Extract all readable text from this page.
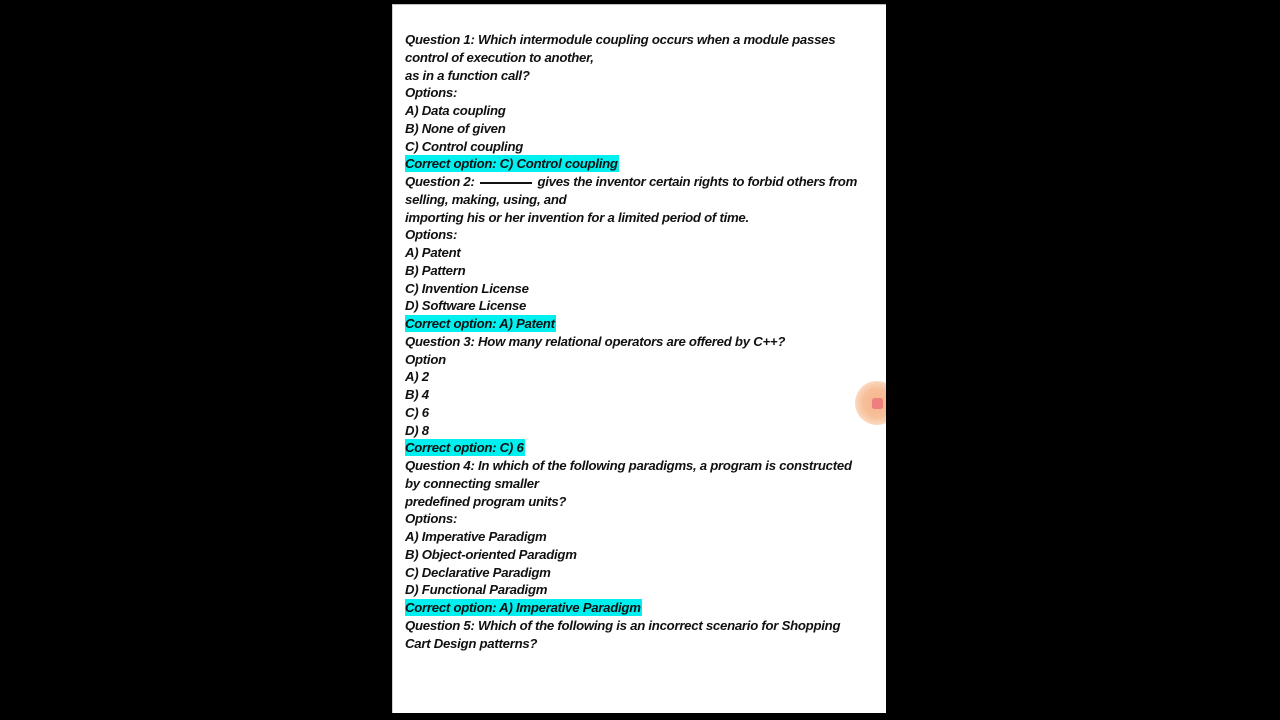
Question 1: Which intermodule coupling occurs when a module passes
control of execution to another,
as in a function call?
Options:
A) Data coupling
B) None of given
C) Control coupling
Correct option: C) Control coupling
Question 2:	gives the inventor certain rights to forbid others from
selling, making, using, and
importing his or her invention for a limited period of time.
Options:
A) Patent
B) Pattern
C) Invention License
D) Software License
Correct option: A) Patent
Question 3: How many relational operators are offered by C++?
Option
A) 2
B) 4
C) 6
D) 8
Correct option: C) 6
Question 4: In which of the following paradigms, a program is constructed
by connecting smaller
predefined program units?
Options:
A) Imperative Paradigm
B) Object-oriented Paradigm
C) Declarative Paradigm
D) Functional Paradigm
Correct option: A) Imperative Paradigm
Question 5: Which of the following is an incorrect scenario for Shopping
Cart Design patterns?
